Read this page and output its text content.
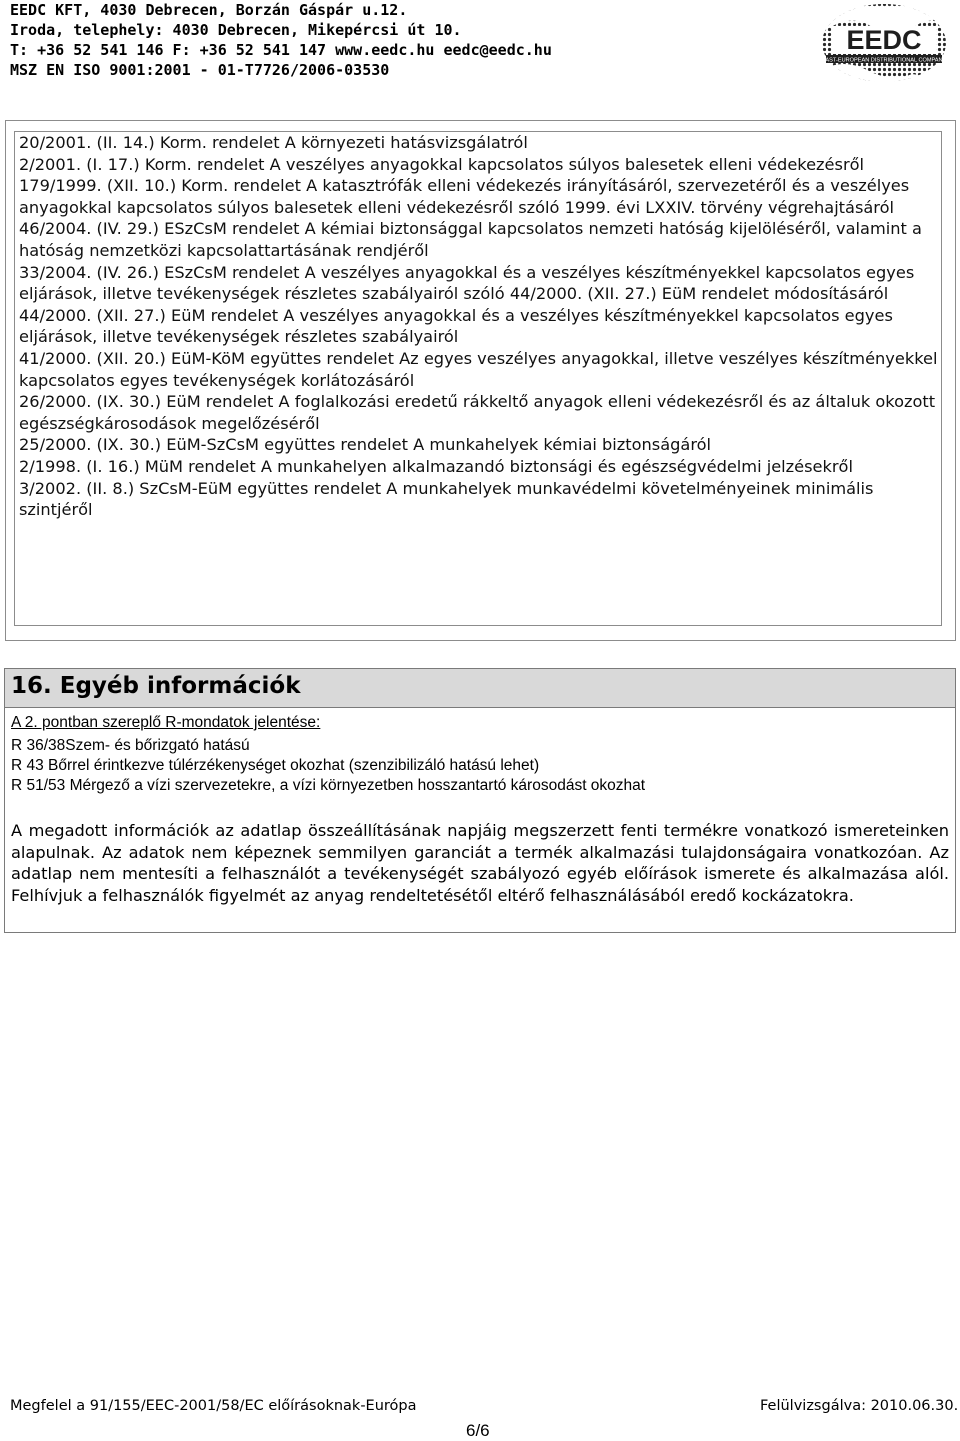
EEDC KFT, 4030 Debrecen, Borzán Gáspár u.12.
Iroda, telephely: 4030 Debrecen, Mikepércsi út 10.
T: +36 52 541 146 F: +36 52 541 147 www.eedc.hu eedc@eedc.hu
MSZ EN ISO 9001:2001 - 01-T7726/2006-03530
EEDC
EAST-EUROPEAN DISTRIBUTIONAL COMPANY
20/2001. (II. 14.) Korm. rendelet A környezeti hatásvizsgálatról
2/2001. (I. 17.) Korm. rendelet A veszélyes anyagokkal kapcsolatos súlyos balesetek elleni védekezésről
179/1999. (XII. 10.) Korm. rendelet A katasztrófák elleni védekezés irányításáról, szervezetéről és a veszélyes anyagokkal kapcsolatos súlyos balesetek elleni védekezésről szóló 1999. évi LXXIV. törvény végrehajtásáról
46/2004. (IV. 29.) ESzCsM rendelet A kémiai biztonsággal kapcsolatos nemzeti hatóság kijelöléséről, valamint a hatóság nemzetközi kapcsolattartásának rendjéről
33/2004. (IV. 26.) ESzCsM rendelet A veszélyes anyagokkal és a veszélyes készítményekkel kapcsolatos egyes eljárások, illetve tevékenységek részletes szabályairól szóló 44/2000. (XII. 27.) EüM rendelet módosításáról
44/2000. (XII. 27.) EüM rendelet A veszélyes anyagokkal és a veszélyes készítményekkel kapcsolatos egyes eljárások, illetve tevékenységek részletes szabályairól
41/2000. (XII. 20.) EüM-KöM együttes rendelet Az egyes veszélyes anyagokkal, illetve veszélyes készítményekkel kapcsolatos egyes tevékenységek korlátozásáról
26/2000. (IX. 30.) EüM rendelet A foglalkozási eredetű rákkeltő anyagok elleni védekezésről és az általuk okozott egészségkárosodások megelőzéséről
25/2000. (IX. 30.) EüM-SzCsM együttes rendelet A munkahelyek kémiai biztonságáról
2/1998. (I. 16.) MüM rendelet A munkahelyen alkalmazandó biztonsági és egészségvédelmi jelzésekről
3/2002. (II. 8.) SzCsM-EüM együttes rendelet A munkahelyek munkavédelmi követelményeinek minimális szintjéről
16. Egyéb információk
A 2. pontban szereplő R-mondatok jelentése:
R 36/38Szem- és bőrizgató hatású
R 43 Bőrrel érintkezve túlérzékenységet okozhat (szenzibilizáló hatású lehet)
R 51/53 Mérgező a vízi szervezetekre, a vízi környezetben hosszantartó károsodást okozhat
A megadott információk az adatlap összeállításának napjáig megszerzett fenti termékre vonatkozó ismereteinken alapulnak. Az adatok nem képeznek semmilyen garanciát a termék alkalmazási tulajdonságaira vonatkozóan. Az adatlap nem mentesíti a felhasználót a tevékenységét szabályozó egyéb előírások ismerete és alkalmazása alól. Felhívjuk a felhasználók figyelmét az anyag rendeltetésétől eltérő felhasználásából eredő kockázatokra.
Megfelel a 91/155/EEC-2001/58/EC előírásoknak-Európa	Felülvizsgálva: 2010.06.30.
6/6
